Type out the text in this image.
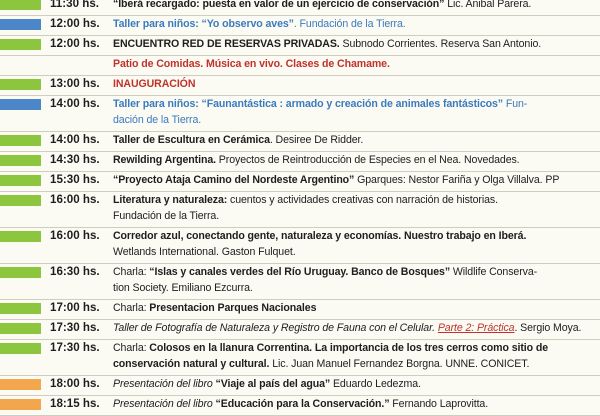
11:30 hs.	“Iberá recargado: puesta en valor de un ejercicio de conservación” Lic. Anibal Parera.
12:00 hs.	Taller para niños: “Yo observo aves”. Fundación de la Tierra.
12:00 hs.	ENCUENTRO RED DE RESERVAS PRIVADAS. Subnodo Corrientes. Reserva San Antonio.
Patio de Comidas. Música en vivo. Clases de Chamame.
13:00 hs.	INAUGURACIÓN
14:00 hs.	Taller para niños: “Faunantástica : armado y creación de animales fantásticos” Fun-
dación de la Tierra.
14:00 hs.	Taller de Escultura en Cerámica. Desiree De Ridder.
14:30 hs.	Rewilding Argentina. Proyectos de Reintroducción de Especies en el Nea. Novedades.
15:30 hs.	“Proyecto Ataja Camino del Nordeste Argentino” Gparques: Nestor Fariña y Olga Villalva. PP
16:00 hs.	Literatura y naturaleza: cuentos y actividades creativas con narración de historias.
Fundación de la Tierra.
16:00 hs.	Corredor azul, conectando gente, naturaleza y economías. Nuestro trabajo en Iberá.
Wetlands International. Gaston Fulquet.
16:30 hs.	Charla: “Islas y canales verdes del Río Uruguay. Banco de Bosques” Wildlife Conserva-
tion Society. Emiliano Ezcurra.
17:00 hs.	Charla: Presentacion Parques Nacionales
17:30 hs.	Taller de Fotografía de Naturaleza y Registro de Fauna con el Celular. Parte 2: Práctica. Sergio Moya.
17:30 hs.	Charla: Colosos en la llanura Correntina. La importancia de los tres cerros como sitio de
conservación natural y cultural. Lic. Juan Manuel Fernandez Borgna. UNNE. CONICET.
18:00 hs.	Presentación del libro “Viaje al país del agua” Eduardo Ledezma.
18:15 hs.	Presentación del libro “Educación para la Conservación.” Fernando Laprovitta.
